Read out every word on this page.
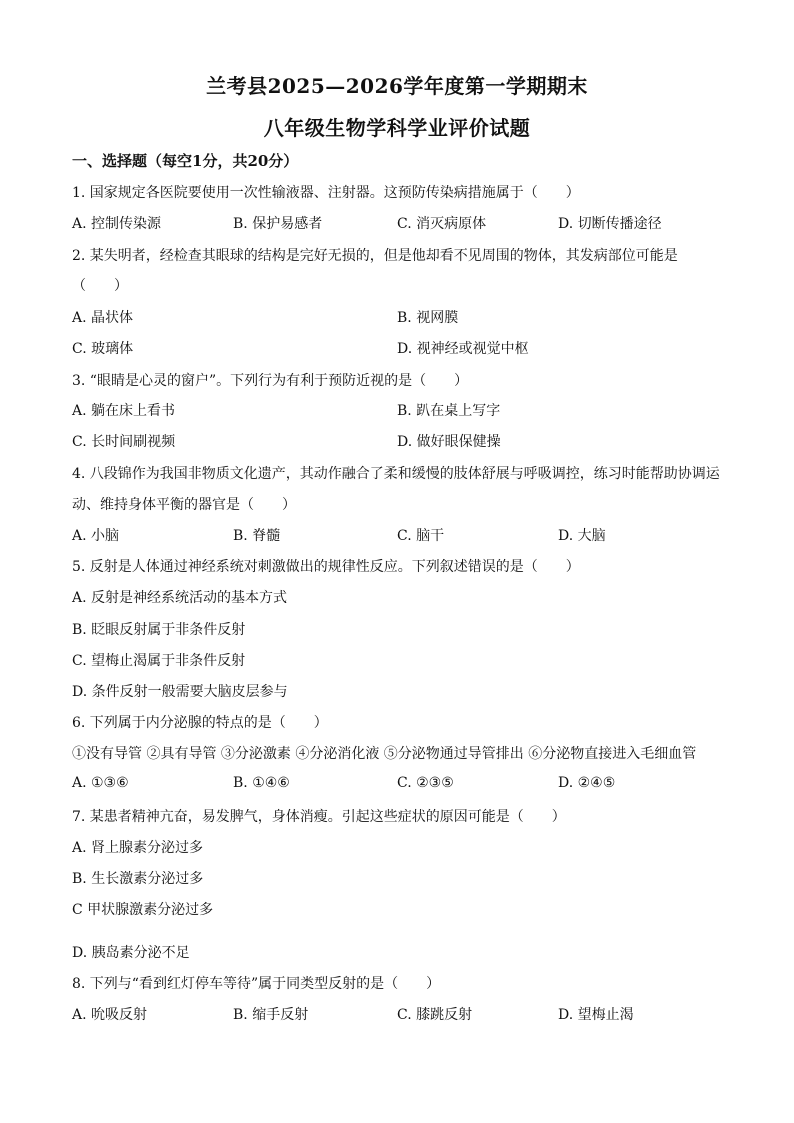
兰考县2025—2026学年度第一学期期末
八年级生物学科学业评价试题
一、选择题（每空1分，共20分）
1. 国家规定各医院要使用一次性输液器、注射器。这预防传染病措施属于（　　）
A. 控制传染源	B. 保护易感者	C. 消灭病原体	D. 切断传播途径
2. 某失明者，经检查其眼球的结构是完好无损的，但是他却看不见周围的物体，其发病部位可能是
（　　）
A. 晶状体	B. 视网膜
C. 玻璃体	D. 视神经或视觉中枢
3. “眼睛是心灵的窗户”。下列行为有利于预防近视的是（　　）
A. 躺在床上看书	B. 趴在桌上写字
C. 长时间刷视频	D. 做好眼保健操
4. 八段锦作为我国非物质文化遗产，其动作融合了柔和缓慢的肢体舒展与呼吸调控，练习时能帮助协调运
动、维持身体平衡的器官是（　　）
A. 小脑	B. 脊髓	C. 脑干	D. 大脑
5. 反射是人体通过神经系统对刺激做出的规律性反应。下列叙述错误的是（　　）
A. 反射是神经系统活动的基本方式
B. 眨眼反射属于非条件反射
C. 望梅止渴属于非条件反射
D. 条件反射一般需要大脑皮层参与
6. 下列属于内分泌腺的特点的是（　　）
①没有导管 ②具有导管 ③分泌激素 ④分泌消化液 ⑤分泌物通过导管排出 ⑥分泌物直接进入毛细血管
A. ①③⑥	B. ①④⑥	C. ②③⑤	D. ②④⑤
7. 某患者精神亢奋，易发脾气，身体消瘦。引起这些症状的原因可能是（　　）
A. 肾上腺素分泌过多
B. 生长激素分泌过多
C 甲状腺激素分泌过多
D. 胰岛素分泌不足
8. 下列与“看到红灯停车等待”属于同类型反射的是（　　）
A. 吮吸反射	B. 缩手反射	C. 膝跳反射	D. 望梅止渴
